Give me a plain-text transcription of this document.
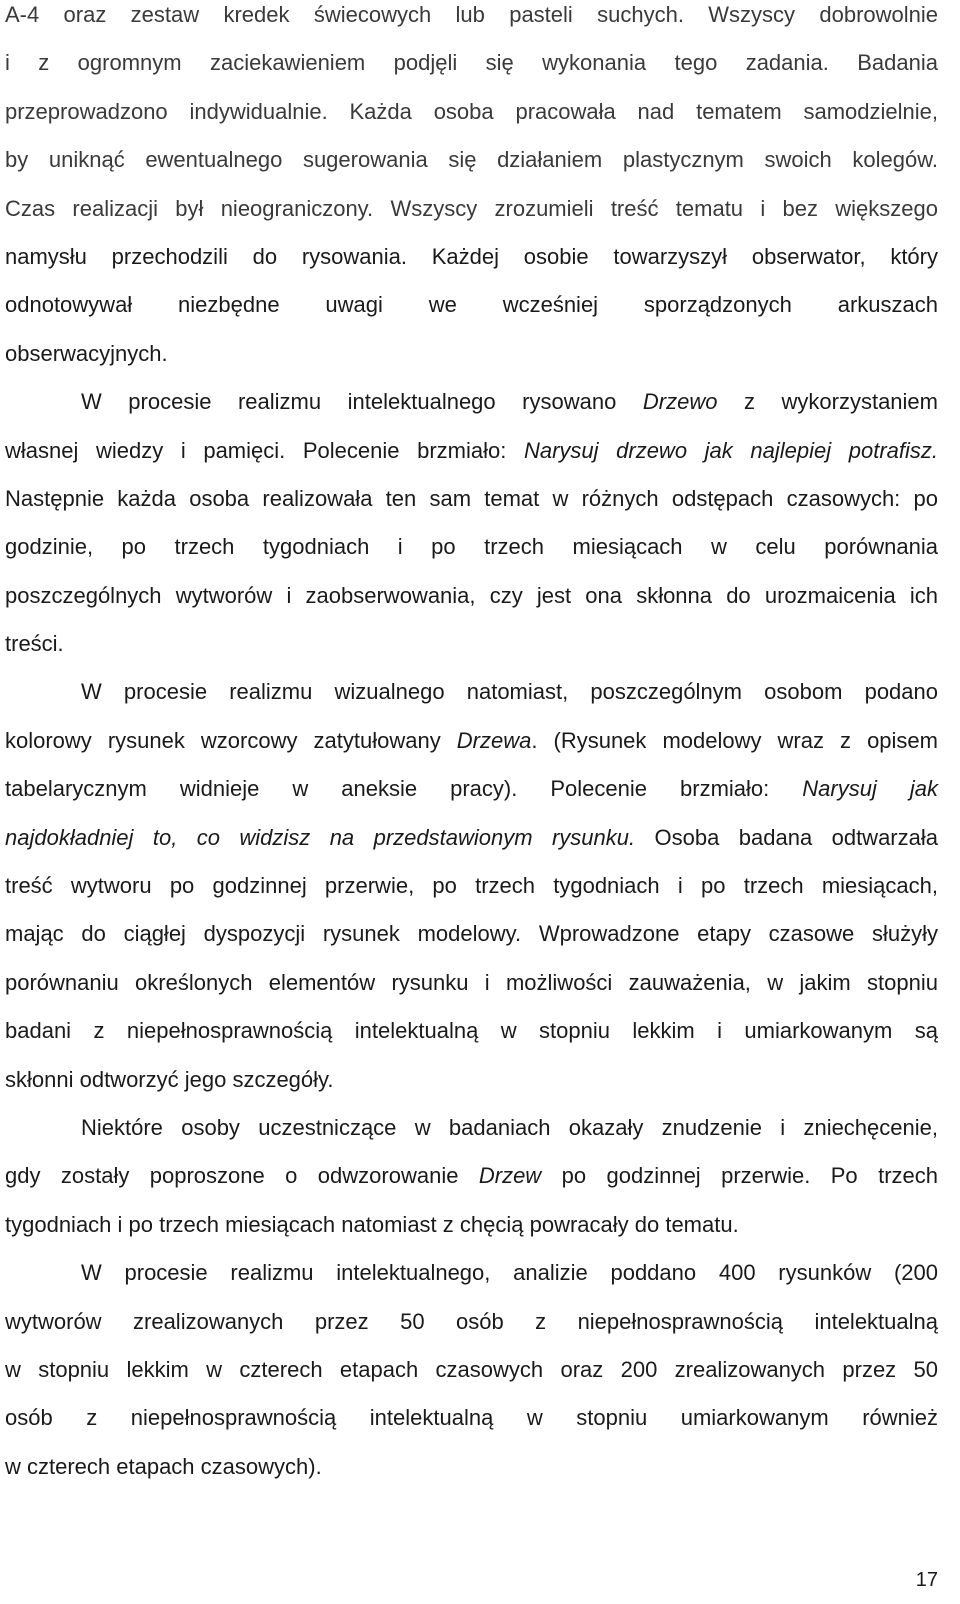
A-4 oraz zestaw kredek świecowych lub pasteli suchych. Wszyscy dobrowolnie
i z ogromnym zaciekawieniem podjęli się wykonania tego zadania. Badania
przeprowadzono indywidualnie. Każda osoba pracowała nad tematem samodzielnie,
by uniknąć ewentualnego sugerowania się działaniem plastycznym swoich kolegów.
Czas realizacji był nieograniczony. Wszyscy zrozumieli treść tematu i bez większego
namysłu przechodzili do rysowania. Każdej osobie towarzyszył obserwator, który
odnotowywał niezbędne uwagi we wcześniej sporządzonych arkuszach
obserwacyjnych.
W procesie realizmu intelektualnego rysowano Drzewo z wykorzystaniem
własnej wiedzy i pamięci. Polecenie brzmiało: Narysuj drzewo jak najlepiej potrafisz.
Następnie każda osoba realizowała ten sam temat w różnych odstępach czasowych: po
godzinie, po trzech tygodniach i po trzech miesiącach w celu porównania
poszczególnych wytworów i zaobserwowania, czy jest ona skłonna do urozmaicenia ich
treści.
W procesie realizmu wizualnego natomiast, poszczególnym osobom podano
kolorowy rysunek wzorcowy zatytułowany Drzewa. (Rysunek modelowy wraz z opisem
tabelarycznym widnieje w aneksie pracy). Polecenie brzmiało: Narysuj jak
najdokładniej to, co widzisz na przedstawionym rysunku. Osoba badana odtwarzała
treść wytworu po godzinnej przerwie, po trzech tygodniach i po trzech miesiącach,
mając do ciągłej dyspozycji rysunek modelowy. Wprowadzone etapy czasowe służyły
porównaniu określonych elementów rysunku i możliwości zauważenia, w jakim stopniu
badani z niepełnosprawnością intelektualną w stopniu lekkim i umiarkowanym są
skłonni odtworzyć jego szczegóły.
Niektóre osoby uczestniczące w badaniach okazały znudzenie i zniechęcenie,
gdy zostały poproszone o odwzorowanie Drzew po godzinnej przerwie. Po trzech
tygodniach i po trzech miesiącach natomiast z chęcią powracały do tematu.
W procesie realizmu intelektualnego, analizie poddano 400 rysunków (200
wytworów zrealizowanych przez 50 osób z niepełnosprawnością intelektualną
w stopniu lekkim w czterech etapach czasowych oraz 200 zrealizowanych przez 50
osób z niepełnosprawnością intelektualną w stopniu umiarkowanym również
w czterech etapach czasowych).
17
